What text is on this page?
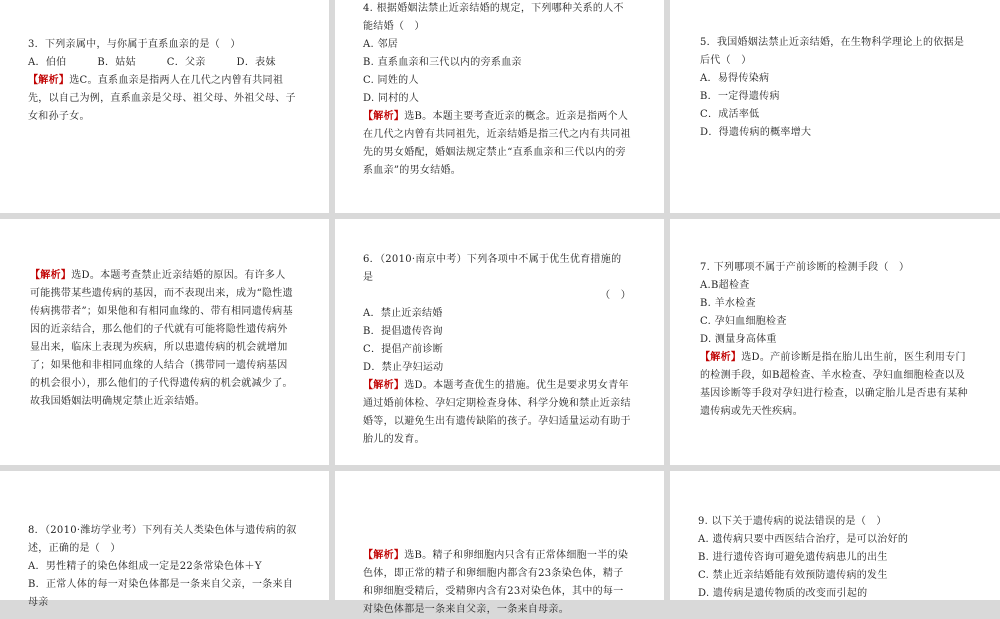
3．下列亲属中，与你属于直系血亲的是（　）

A．伯伯　　　B．姑姑　　　C．父亲　　　D．表妹

【解析】选C。直系血亲是指两人在几代之内曾有共同祖先，以自己为例，直系血亲是父母、祖父母、外祖父母、子女和孙子女。

4. 根据婚姻法禁止近亲结婚的规定，下列哪种关系的人不能结婚（　）

A. 邻居

B. 直系血亲和三代以内的旁系血亲

C. 同姓的人

D. 同村的人

【解析】选B。本题主要考查近亲的概念。近亲是指两个人在几代之内曾有共同祖先，近亲结婚是指三代之内有共同祖先的男女婚配，婚姻法规定禁止“直系血亲和三代以内的旁系血亲”的男女结婚。

5．我国婚姻法禁止近亲结婚，在生物科学理论上的依据是后代（　）

A．易得传染病

B．一定得遗传病

C．成活率低

D．得遗传病的概率增大

【解析】选D。本题考查禁止近亲结婚的原因。有许多人可能携带某些遗传病的基因，而不表现出来，成为“隐性遗传病携带者”；如果他和有相同血缘的、带有相同遗传病基因的近亲结合，那么他们的子代就有可能将隐性遗传病外显出来，临床上表现为疾病，所以患遗传病的机会就增加了；如果他和非相同血缘的人结合（携带同一遗传病基因的机会很小），那么他们的子代得遗传病的机会就减少了。故我国婚姻法明确规定禁止近亲结婚。

6．（2010·南京中考）下列各项中不属于优生优育措施的是

（　）

A．禁止近亲结婚

B．提倡遗传咨询

C．提倡产前诊断

D．禁止孕妇运动

【解析】选D。本题考查优生的措施。优生是要求男女青年通过婚前体检、孕妇定期检查身体、科学分娩和禁止近亲结婚等，以避免生出有遗传缺陷的孩子。孕妇适量运动有助于胎儿的发育。

7. 下列哪项不属于产前诊断的检测手段（　）

A.B超检查

B. 羊水检查

C. 孕妇血细胞检查

D. 测量身高体重

【解析】选D。产前诊断是指在胎儿出生前，医生利用专门的检测手段，如B超检查、羊水检查、孕妇血细胞检查以及基因诊断等手段对孕妇进行检查，以确定胎儿是否患有某种遗传病或先天性疾病。

8．（2010·潍坊学业考）下列有关人类染色体与遗传病的叙述，正确的是（　）

A．男性精子的染色体组成一定是22条常染色体＋Y

B．正常人体的每一对染色体都是一条来自父亲，一条来自母亲

【解析】选B。精子和卵细胞内只含有正常体细胞一半的染色体，即正常的精子和卵细胞内都含有23条染色体，精子和卵细胞受精后，受精卵内含有23对染色体，其中的每一对染色体都是一条来自父亲，一条来自母亲。

9. 以下关于遗传病的说法错误的是（　）

A. 遗传病只要中西医结合治疗，是可以治好的

B. 进行遗传咨询可避免遗传病患儿的出生

C. 禁止近亲结婚能有效预防遗传病的发生

D. 遗传病是遗传物质的改变而引起的
